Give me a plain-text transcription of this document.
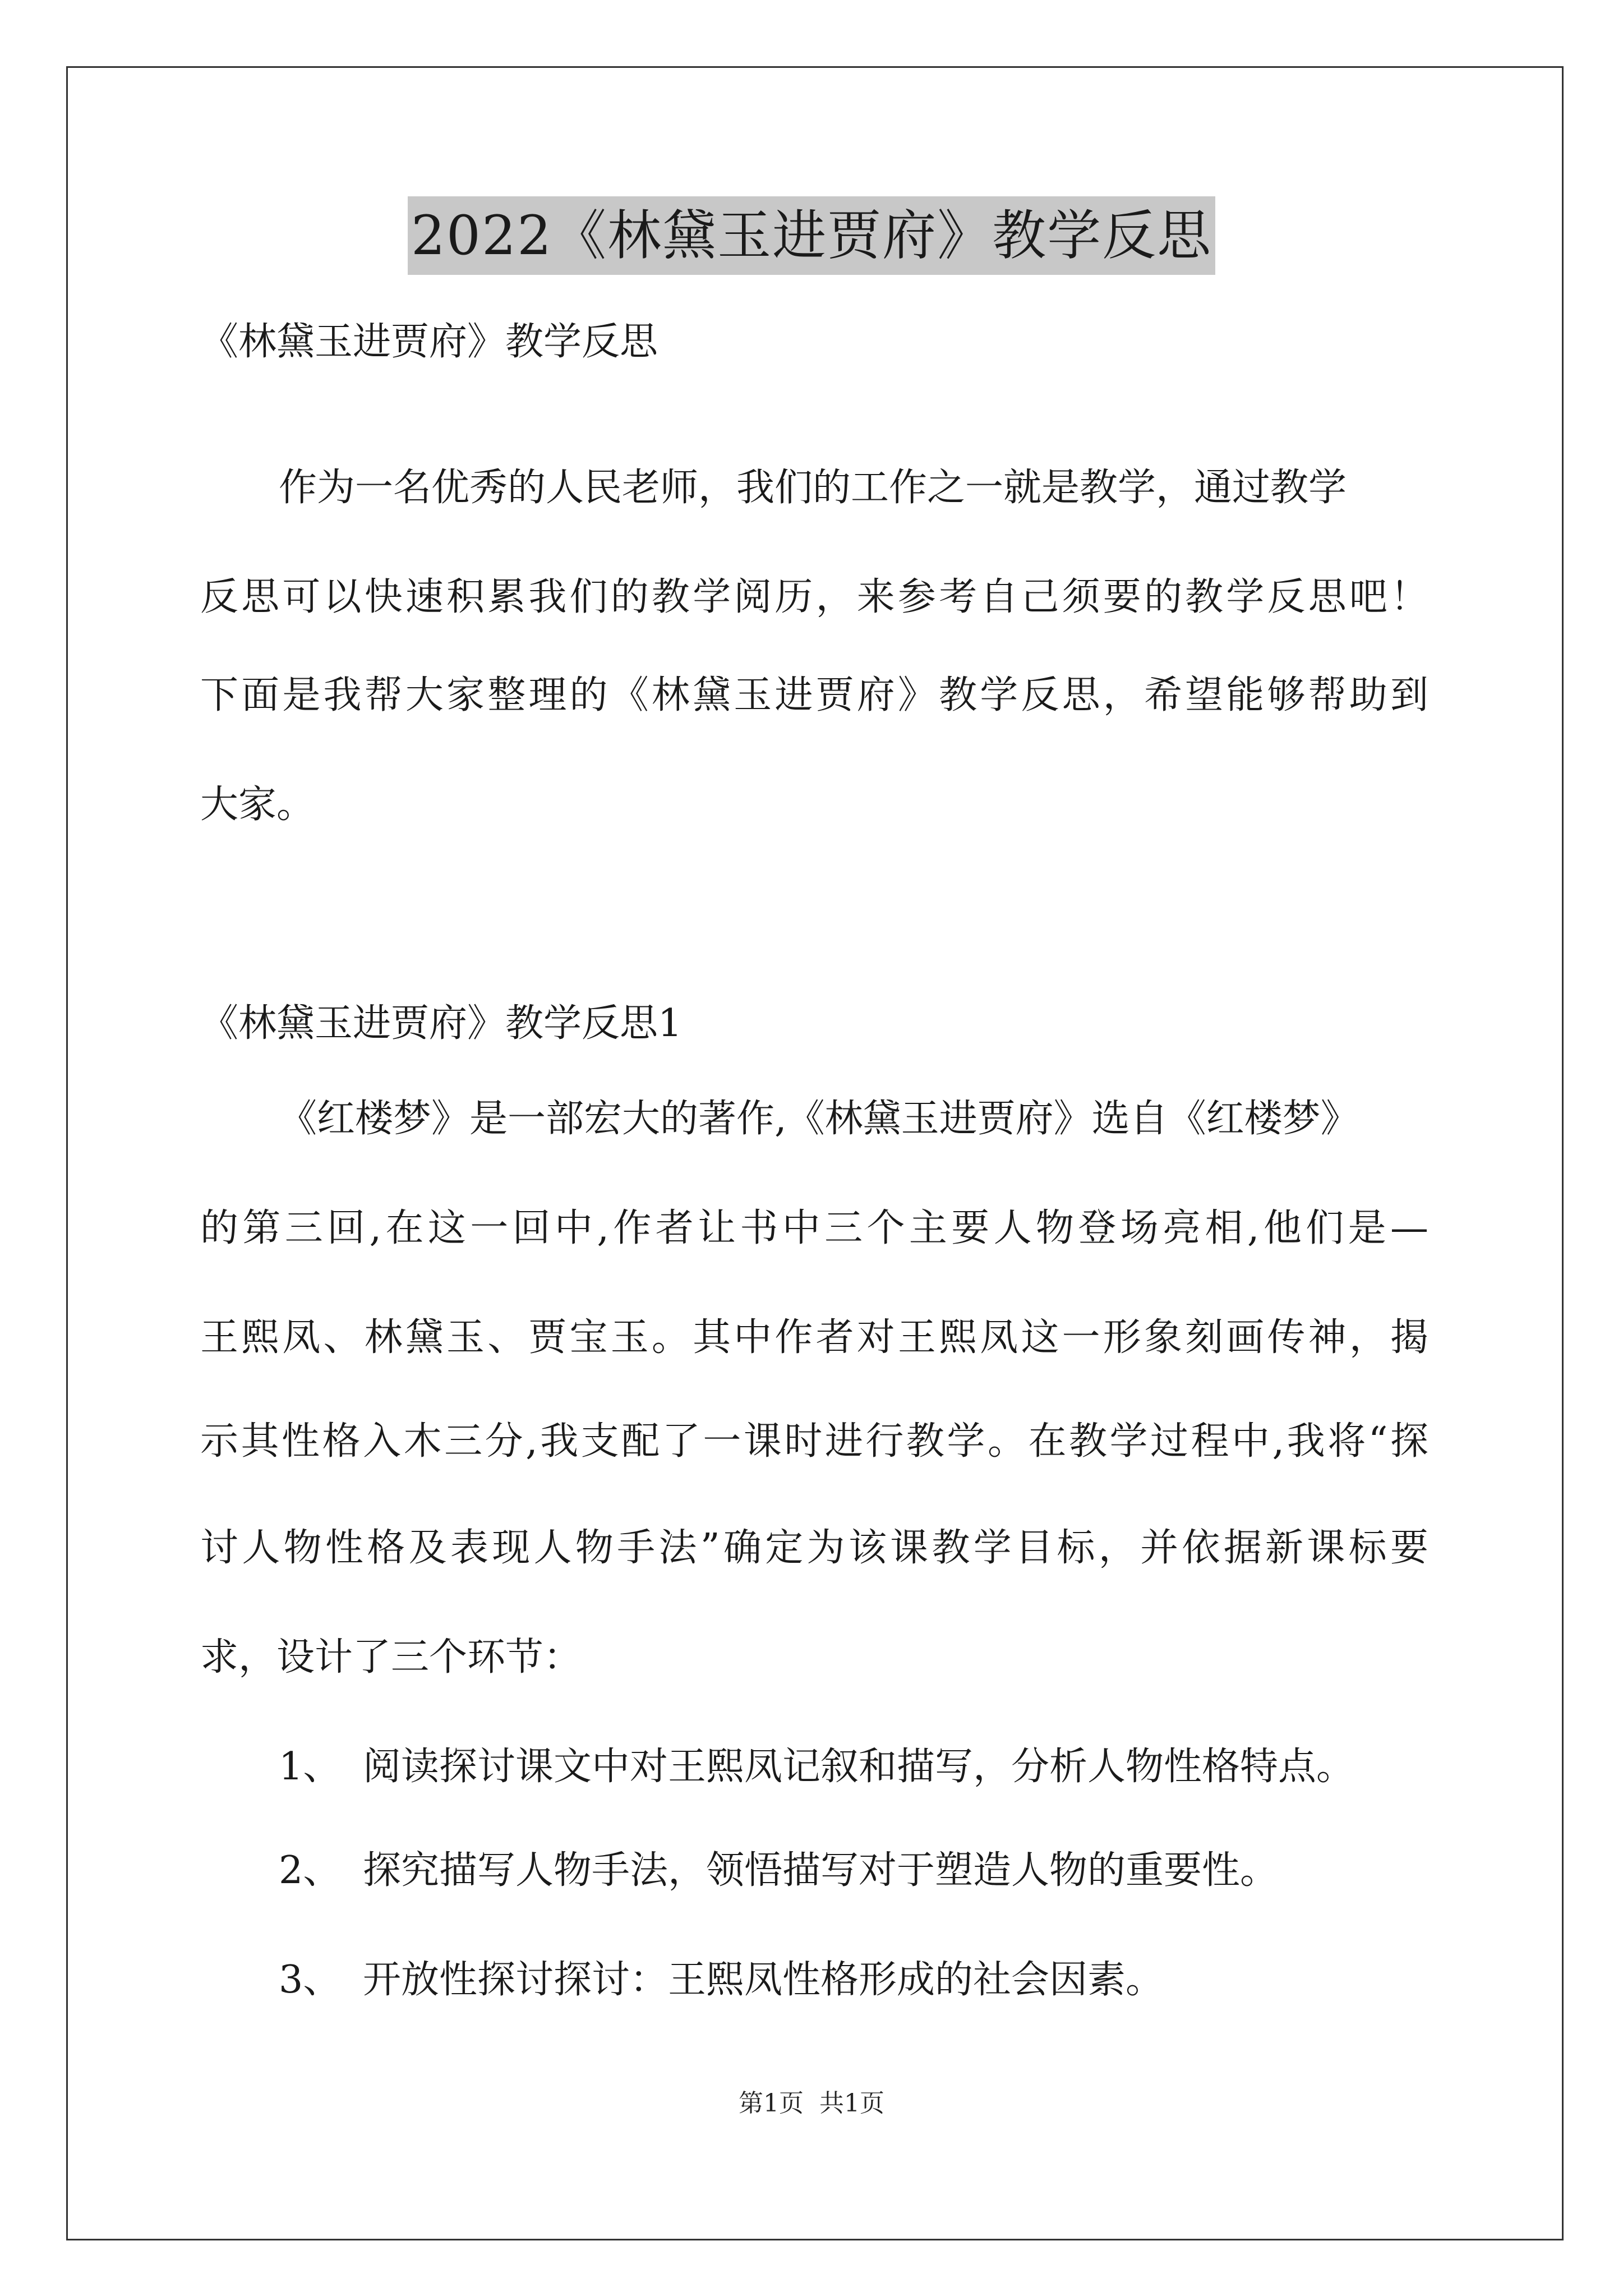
2022《林黛玉进贾府》教学反思
《林黛玉进贾府》教学反思
作为一名优秀的人民老师，我们的工作之一就是教学，通过教学
反思可以快速积累我们的教学阅历，来参考自己须要的教学反思吧！
下面是我帮大家整理的《林黛玉进贾府》教学反思，希望能够帮助到
大家。
《林黛玉进贾府》教学反思1
《红楼梦》是一部宏大的著作,《林黛玉进贾府》选自《红楼梦》
的第三回,在这一回中,作者让书中三个主要人物登场亮相,他们是—
王熙凤、林黛玉、贾宝玉。其中作者对王熙凤这一形象刻画传神，揭
示其性格入木三分,我支配了一课时进行教学。在教学过程中,我将“探
讨人物性格及表现人物手法”确定为该课教学目标，并依据新课标要
求，设计了三个环节：
1、 阅读探讨课文中对王熙凤记叙和描写，分析人物性格特点。
2、 探究描写人物手法，领悟描写对于塑造人物的重要性。
3、 开放性探讨探讨：王熙凤性格形成的社会因素。
第1页 共1页
